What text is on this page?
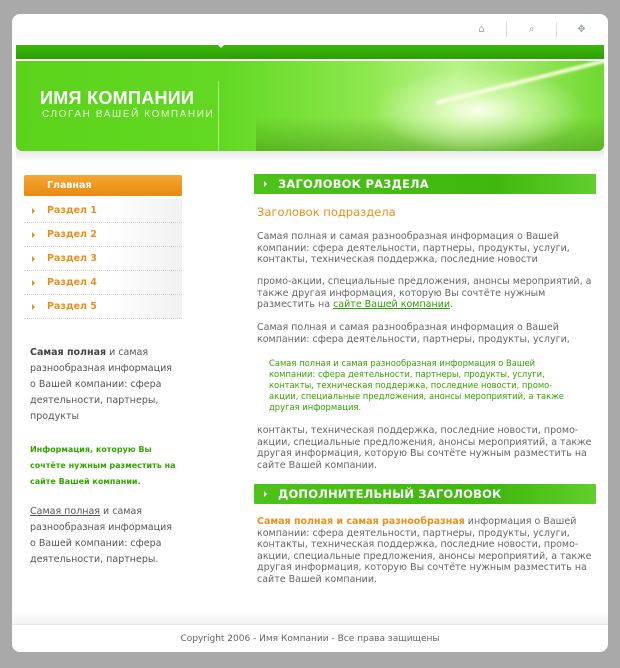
⌂	⌕	✥
ИМЯ КОМПАНИИ
СЛОГАН ВАШЕЙ КОМПАНИИ
Главная
Раздел 1
Раздел 2
Раздел 3
Раздел 4
Раздел 5
Самая полная и самая разнообразная информация о Вашей компании: сфера деятельности, партнеры, продукты
Информация, которую Вы сочтёте нужным разместить на сайте Вашей компании.
Самая полная и самая разнообразная информация о Вашей компании: сфера деятельности, партнеры.
ЗАГОЛОВОК РАЗДЕЛА
Заголовок подраздела
Самая полная и самая разнообразная информация о Вашей компании: сфера деятельности, партнеры, продукты, услуги, контакты, техническая поддержка, последние новости
промо-акции, специальные предложения, анонсы мероприятий, а также другая информация, которую Вы сочтёте нужным разместить на сайте Вашей компании.
Самая полная и самая разнообразная информация о Вашей компании: сфера деятельности, партнеры, продукты, услуги,
Самая полная и самая разнообразная информация о Вашей компании: сфера деятельности, партнеры, продукты, услуги, контакты, техническая поддержка, последние новости, промо-акции, специальные предложения, анонсы мероприятий, а также другая информация.
контакты, техническая поддержка, последние новости, промо-акции, специальные предложения, анонсы мероприятий, а также другая информация, которую Вы сочтёте нужным разместить на сайте Вашей компании.
ДОПОЛНИТЕЛЬНЫЙ ЗАГОЛОВОК
Самая полная и самая разнообразная информация о Вашей компании: сфера деятельности, партнеры, продукты, услуги, контакты, техническая поддержка, последние новости, промо-акции, специальные предложения, анонсы мероприятий, а также другая информация, которую Вы сочтёте нужным разместить на сайте Вашей компании.
Copyright 2006 - Имя Компании - Все права защищены
